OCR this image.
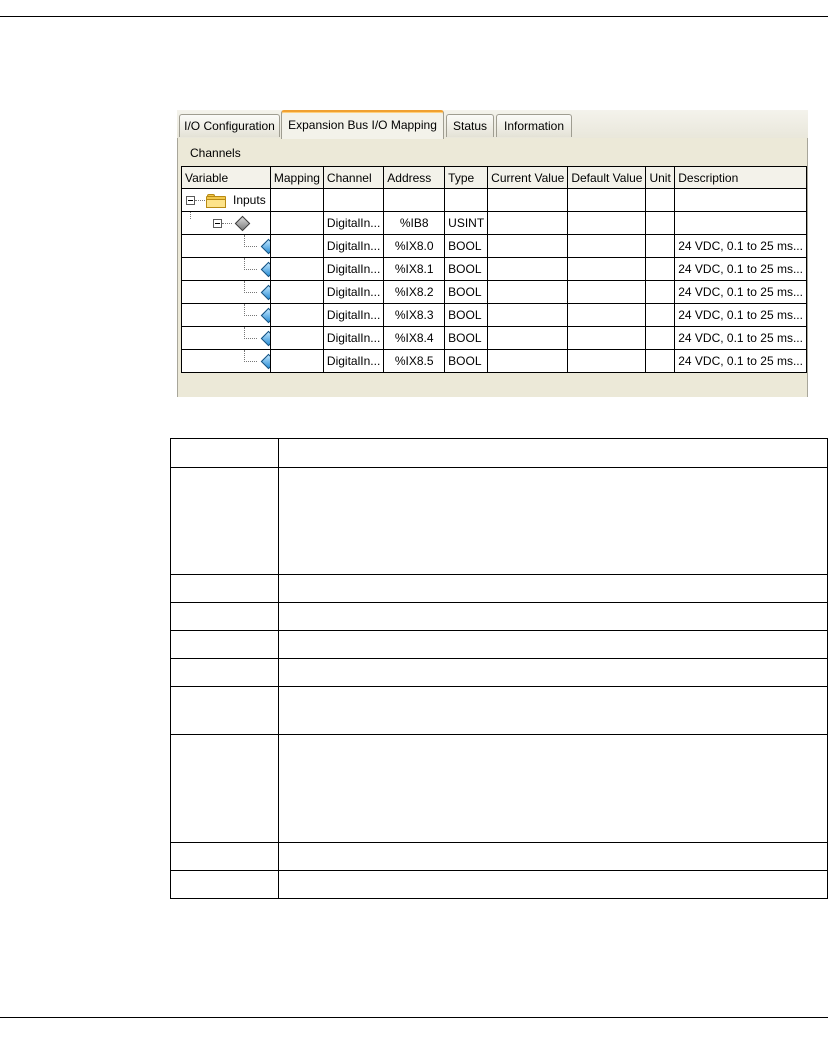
I/O Configuration	Expansion Bus I/O Mapping	Status	Information
Channels
Variable	Mapping	Channel	Address	Type	Current Value	Default Value	Unit	Description

Inputs								

		DigitalIn...	%IB8	USINT				

		DigitalIn...	%IX8.0	BOOL				24 VDC, 0.1 to 25 ms...

		DigitalIn...	%IX8.1	BOOL				24 VDC, 0.1 to 25 ms...

		DigitalIn...	%IX8.2	BOOL				24 VDC, 0.1 to 25 ms...

		DigitalIn...	%IX8.3	BOOL				24 VDC, 0.1 to 25 ms...

		DigitalIn...	%IX8.4	BOOL				24 VDC, 0.1 to 25 ms...

		DigitalIn...	%IX8.5	BOOL				24 VDC, 0.1 to 25 ms...
